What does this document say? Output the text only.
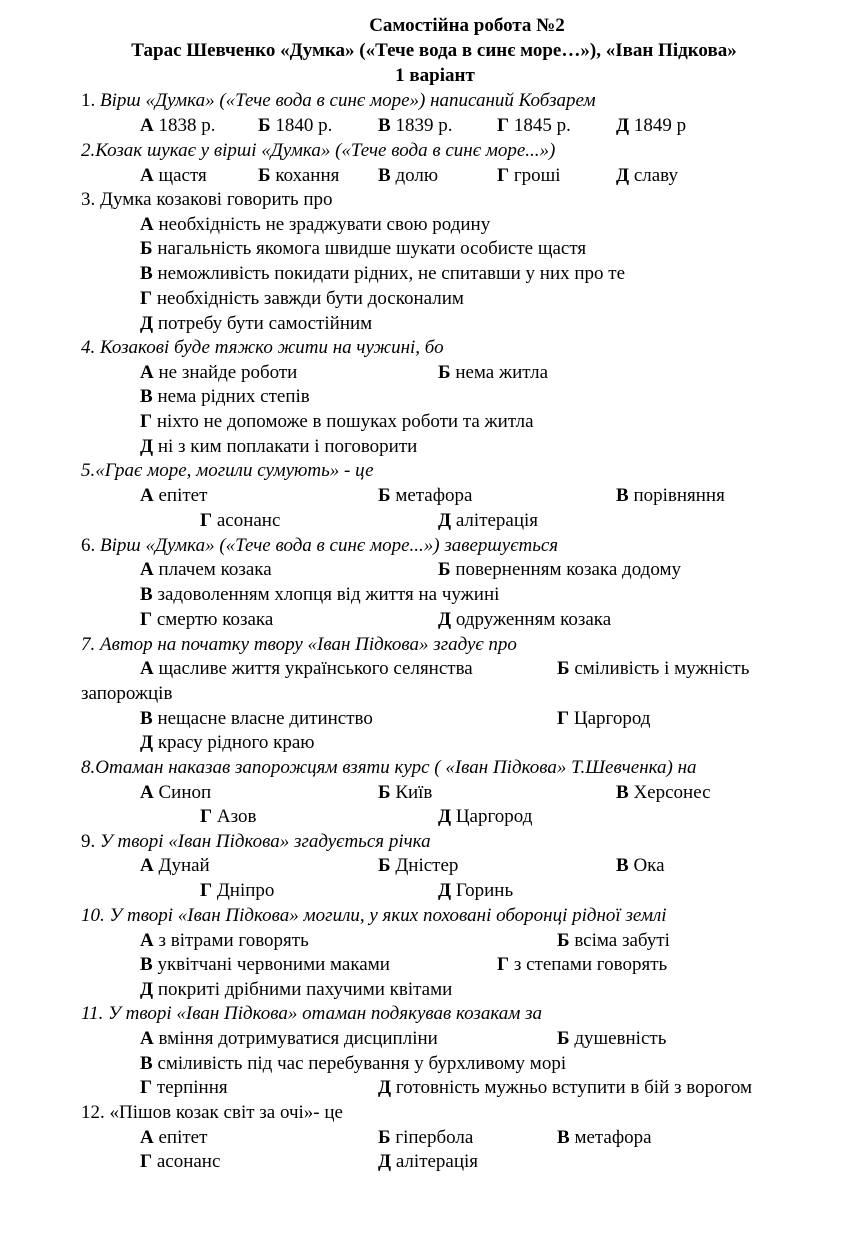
Самостійна робота №2
Тарас Шевченко «Думка» («Тече вода в синє море…»), «Іван Підкова»
1 варіант
1. Вірш «Думка» («Тече вода в синє море») написаний Кобзарем
А 1838 р. Б 1840 р. В 1839 р. Г 1845 р. Д 1849 р
2.Козак шукає у вірші «Думка» («Тече вода в синє море...»)
А щастя	Б кохання В долю	Г гроші	Д славу
3. Думка козакові говорить про
А необхідність не зраджувати свою родину
Б нагальність якомога швидше шукати особисте щастя
В неможливість покидати рідних, не спитавши у них про те
Г необхідність завжди бути досконалим
Д потребу бути самостійним
4. Козакові буде тяжко жити на чужині, бо
А не знайде роботи	Б нема житла
В нема рідних степів
Г ніхто не допоможе в пошуках роботи та житла
Д ні з ким поплакати і поговорити
5.«Грає море, могили сумують» - це
А епітет	Б метафора	В порівняння
Г асонанс	Д алітерація
6. Вірш «Думка» («Тече вода в синє море...») завершується
А плачем козака	Б поверненням козака додому
В задоволенням хлопця від життя на чужині
Г смертю козака	Д одруженням козака
7. Автор на початку твору «Іван Підкова» згадує про
А щасливе життя українського селянства	Б сміливість і мужність
запорожців
В нещасне власне дитинство	Г Царгород
Д красу рідного краю
8.Отаман наказав запорожцям взяти курс ( «Іван Підкова» Т.Шевченка) на
А Синоп	Б Київ	В Херсонес
Г Азов	Д Царгород
9. У творі «Іван Підкова» згадується річка
А Дунай	Б Дністер	В Ока
Г Дніпро	Д Горинь
10. У творі «Іван Підкова» могили, у яких поховані оборонці рідної землі
А з вітрами говорять	Б всіма забуті
В уквітчані червоними маками	Г з степами говорять
Д покриті дрібними пахучими квітами
11. У творі «Іван Підкова» отаман подякував козакам за
А вміння дотримуватися дисципліни	Б душевність
В сміливість під час перебування у бурхливому морі
Г терпіння	Д готовність мужньо вступити в бій з ворогом
12. «Пішов козак світ за очі»- це
А епітет	Б гіпербола	В метафора
Г асонанс	Д алітерація
